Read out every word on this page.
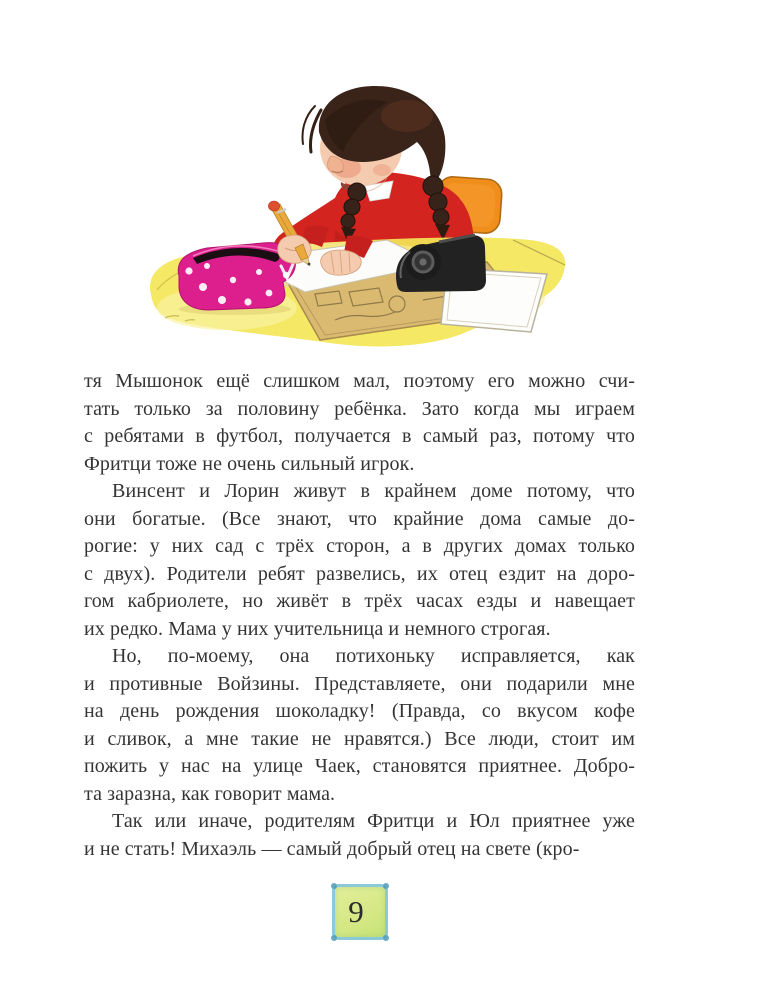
тя Мышонок ещё слишком мал, поэтому его можно счи-
тать только за половину ребёнка. Зато когда мы играем
с ребятами в футбол, получается в самый раз, потому что
Фритци тоже не очень сильный игрок.
Винсент и Лорин живут в крайнем доме потому, что
они богатые. (Все знают, что крайние дома самые до-
рогие: у них сад с трёх сторон, а в других домах только
с двух). Родители ребят развелись, их отец ездит на доро-
гом кабриолете, но живёт в трёх часах езды и навещает
их редко. Мама у них учительница и немного строгая.
Но, по-моему, она потихоньку исправляется, как
и противные Войзины. Представляете, они подарили мне
на день рождения шоколадку! (Правда, со вкусом кофе
и сливок, а мне такие не нравятся.) Все люди, стоит им
пожить у нас на улице Чаек, становятся приятнее. Добро-
та заразна, как говорит мама.
Так или иначе, родителям Фритци и Юл приятнее уже
и не стать! Михаэль — самый добрый отец на свете (кро-
9
